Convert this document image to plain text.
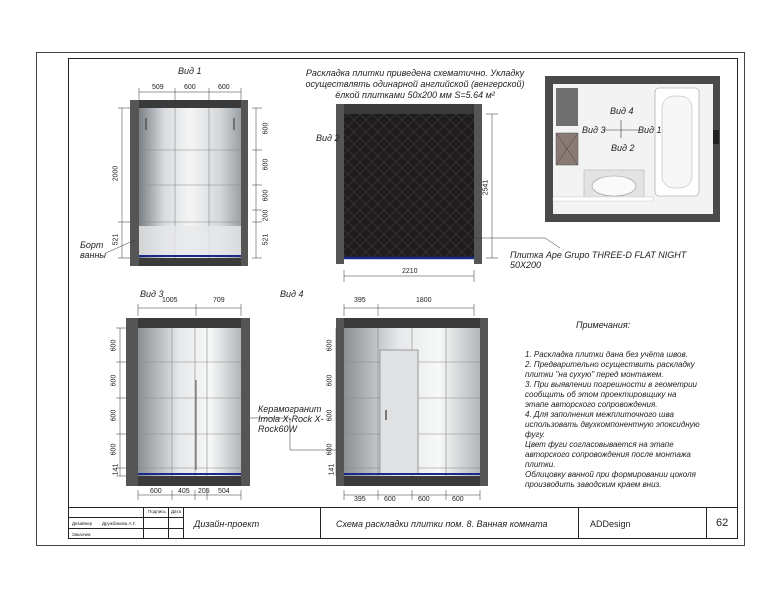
Вид 1
Вид 2
Вид 3	Вид 4
Раскладка плитки приведена схематично. Укладку осуществлять одинарной английской (венгерской) ёлкой плитками 50x200 мм S=5.64 м²
Борт ванны	Плитка Ape Grupo THREE-D FLAT NIGHT 50X200
Керамогранит Imola X-Rock X-Rock60W
509	600	600
2000
521
600
600
600
200
521
2210
2541
1005	709
600
600
600
600
141
600 405 205 504
395	1800
600
600
600
600
141
395	600	600	600
Вид 4
Вид 3	Вид 1
Вид 2
Примечания:
1. Раскладка плитки дана без учёта швов.
2. Предварительно осуществить раскладку
плитки "на сухую" перед монтажем.
3. При выявлении погрешности в геометрии
сообщить об этом проектировщику на
этапе авторского сопровождения.
4. Для заполнения межплиточного шва
использовать двухкомпонентную эпоксидную
фугу.
Цвет фуги согласовывается на этапе
авторского сопровождения после монтажа
плитки.
Облицовку ванной при формировании цоколя
производить заводским краем вниз.
Подпись Дата
Дизайнер Дружбакова А.Г.
Заказчик
Дизайн-проект	Схема раскладки плитки пом. 8. Ванная комната	ADDesign	62
